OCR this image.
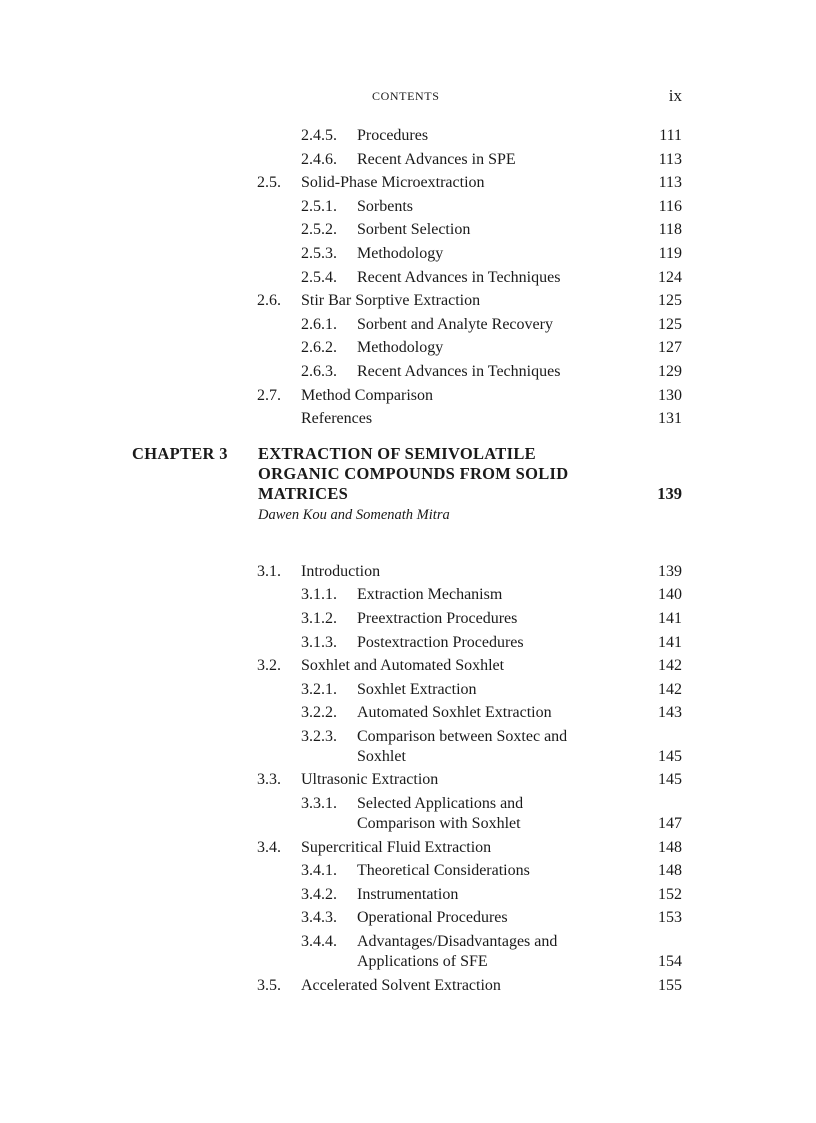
CONTENTS	ix
2.4.5. Procedures	111
2.4.6. Recent Advances in SPE	113
2.5. Solid-Phase Microextraction	113
2.5.1. Sorbents	116
2.5.2. Sorbent Selection	118
2.5.3. Methodology	119
2.5.4. Recent Advances in Techniques	124
2.6. Stir Bar Sorptive Extraction	125
2.6.1. Sorbent and Analyte Recovery	125
2.6.2. Methodology	127
2.6.3. Recent Advances in Techniques	129
2.7. Method Comparison	130
References	131
CHAPTER 3 EXTRACTION OF SEMIVOLATILE
ORGANIC COMPOUNDS FROM SOLID
MATRICES	139
Dawen Kou and Somenath Mitra
3.1. Introduction	139
3.1.1. Extraction Mechanism	140
3.1.2. Preextraction Procedures	141
3.1.3. Postextraction Procedures	141
3.2. Soxhlet and Automated Soxhlet	142
3.2.1. Soxhlet Extraction	142
3.2.2. Automated Soxhlet Extraction	143
3.2.3. Comparison between Soxtec and
Soxhlet	145
3.3. Ultrasonic Extraction	145
3.3.1. Selected Applications and
Comparison with Soxhlet	147
3.4. Supercritical Fluid Extraction	148
3.4.1. Theoretical Considerations	148
3.4.2. Instrumentation	152
3.4.3. Operational Procedures	153
3.4.4. Advantages/Disadvantages and
Applications of SFE	154
3.5. Accelerated Solvent Extraction	155
